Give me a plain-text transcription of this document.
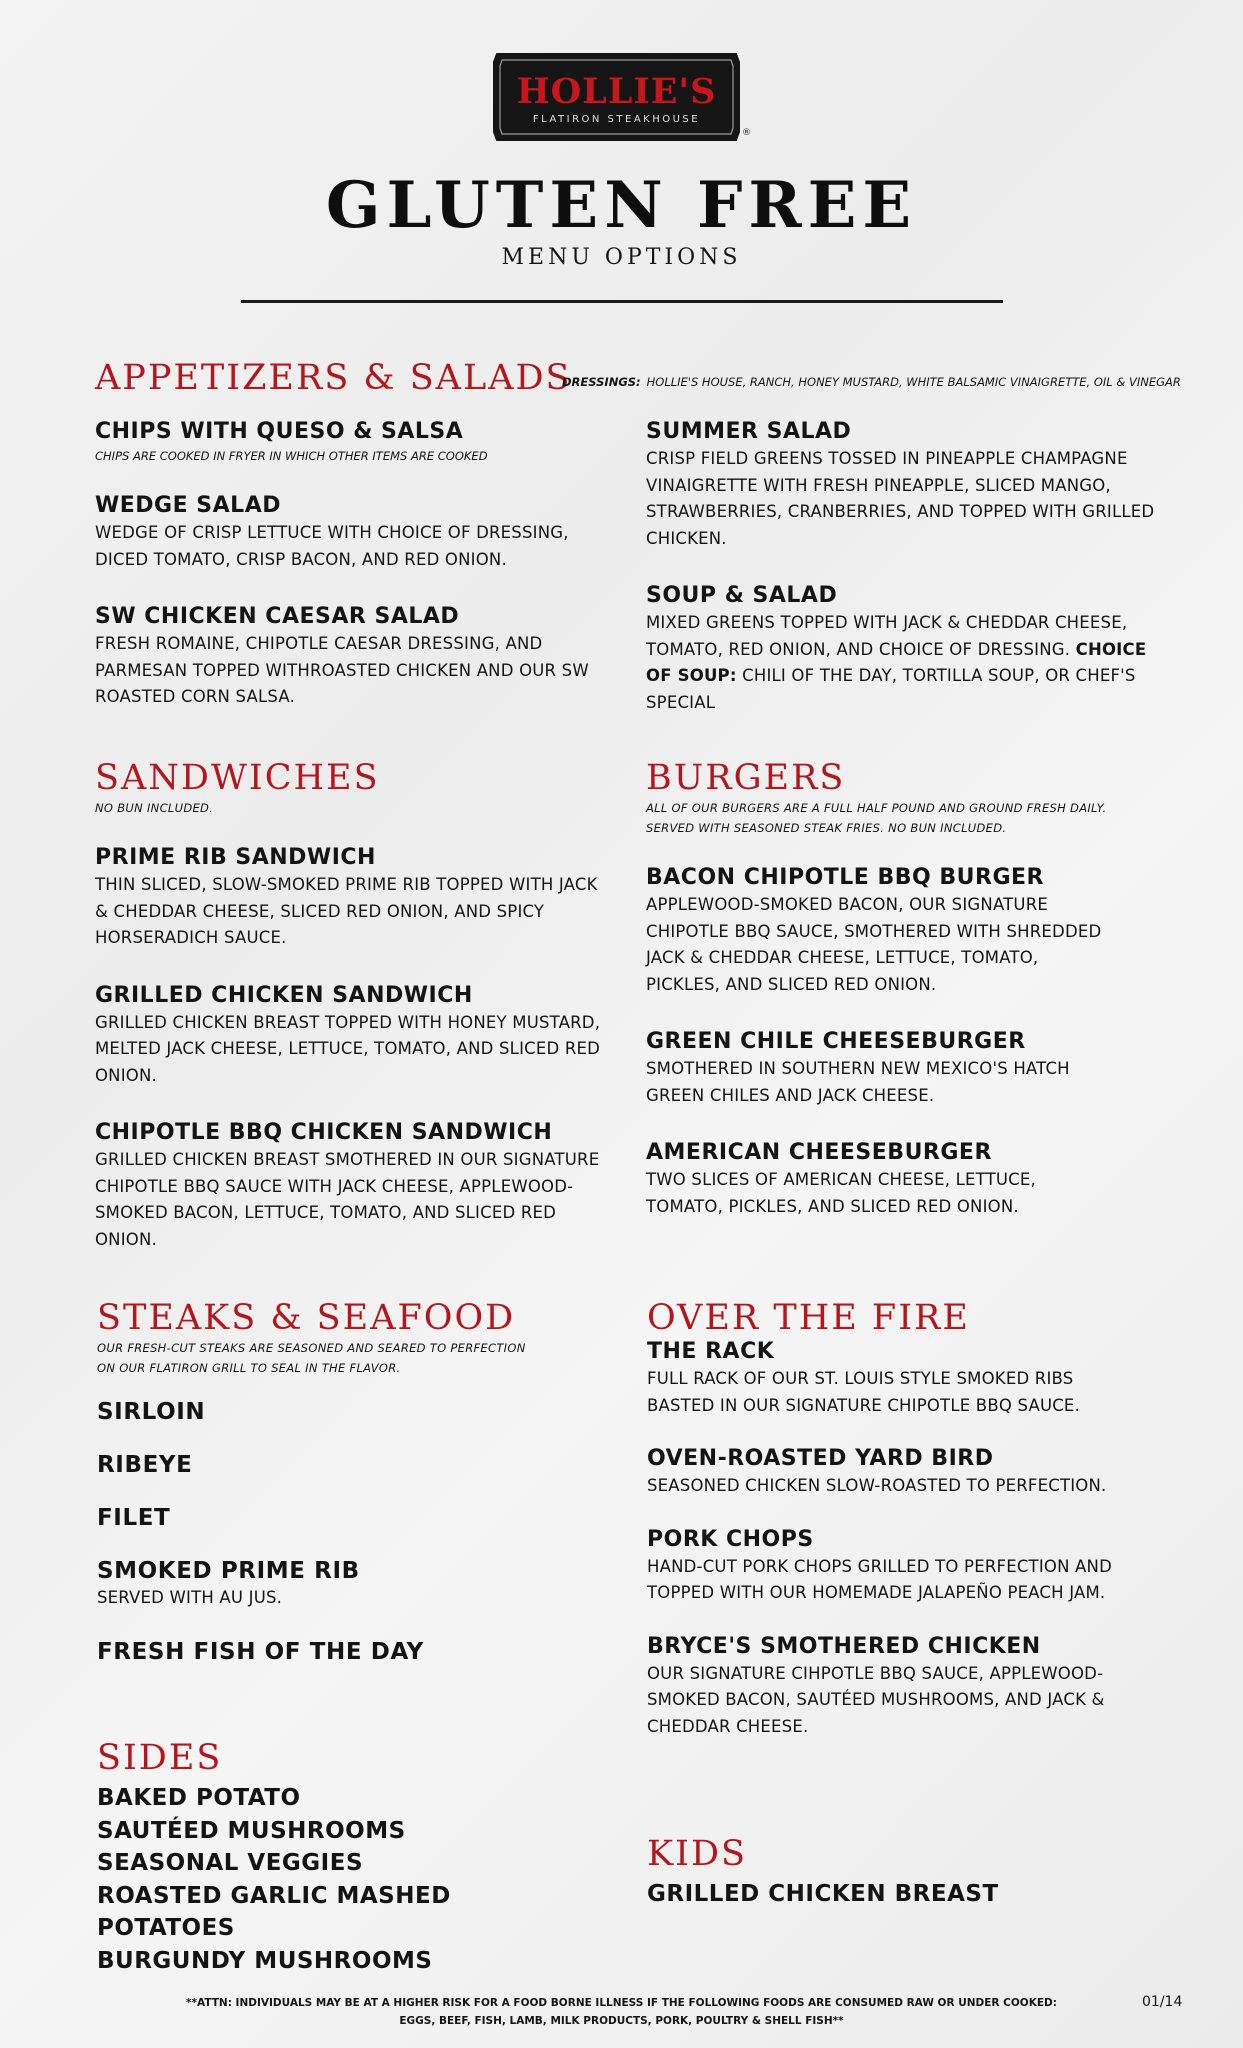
HOLLIE'S
FLATIRON STEAKHOUSE
®
GLUTEN FREE
MENU OPTIONS
APPETIZERS & SALADS
DRESSINGS: HOLLIE'S HOUSE, RANCH, HONEY MUSTARD, WHITE BALSAMIC VINAIGRETTE, OIL & VINEGAR
CHIPS WITH QUESO & SALSA
CHIPS ARE COOKED IN FRYER IN WHICH OTHER ITEMS ARE COOKED
WEDGE SALAD
WEDGE OF CRISP LETTUCE WITH CHOICE OF DRESSING, DICED TOMATO, CRISP BACON, AND RED ONION.
SW CHICKEN CAESAR SALAD
FRESH ROMAINE, CHIPOTLE CAESAR DRESSING, AND PARMESAN TOPPED WITHROASTED CHICKEN AND OUR SW ROASTED CORN SALSA.
SUMMER SALAD
CRISP FIELD GREENS TOSSED IN PINEAPPLE CHAMPAGNE VINAIGRETTE WITH FRESH PINEAPPLE, SLICED MANGO, STRAWBERRIES, CRANBERRIES, AND TOPPED WITH GRILLED CHICKEN.
SOUP & SALAD
MIXED GREENS TOPPED WITH JACK & CHEDDAR CHEESE, TOMATO, RED ONION, AND CHOICE OF DRESSING. CHOICE OF SOUP: CHILI OF THE DAY, TORTILLA SOUP, OR CHEF'S SPECIAL
SANDWICHES
NO BUN INCLUDED.
PRIME RIB SANDWICH
THIN SLICED, SLOW-SMOKED PRIME RIB TOPPED WITH JACK & CHEDDAR CHEESE, SLICED RED ONION, AND SPICY HORSERADICH SAUCE.
GRILLED CHICKEN SANDWICH
GRILLED CHICKEN BREAST TOPPED WITH HONEY MUSTARD, MELTED JACK CHEESE, LETTUCE, TOMATO, AND SLICED RED ONION.
CHIPOTLE BBQ CHICKEN SANDWICH
GRILLED CHICKEN BREAST SMOTHERED IN OUR SIGNATURE CHIPOTLE BBQ SAUCE WITH JACK CHEESE, APPLEWOOD-SMOKED BACON, LETTUCE, TOMATO, AND SLICED RED ONION.
BURGERS
ALL OF OUR BURGERS ARE A FULL HALF POUND AND GROUND FRESH DAILY. SERVED WITH SEASONED STEAK FRIES. NO BUN INCLUDED.
BACON CHIPOTLE BBQ BURGER
APPLEWOOD-SMOKED BACON, OUR SIGNATURE CHIPOTLE BBQ SAUCE, SMOTHERED WITH SHREDDED JACK & CHEDDAR CHEESE, LETTUCE, TOMATO, PICKLES, AND SLICED RED ONION.
GREEN CHILE CHEESEBURGER
SMOTHERED IN SOUTHERN NEW MEXICO'S HATCH GREEN CHILES AND JACK CHEESE.
AMERICAN CHEESEBURGER
TWO SLICES OF AMERICAN CHEESE, LETTUCE, TOMATO, PICKLES, AND SLICED RED ONION.
STEAKS & SEAFOOD
OUR FRESH-CUT STEAKS ARE SEASONED AND SEARED TO PERFECTION ON OUR FLATIRON GRILL TO SEAL IN THE FLAVOR.
SIRLOIN
RIBEYE
FILET
SMOKED PRIME RIB
SERVED WITH AU JUS.
FRESH FISH OF THE DAY
OVER THE FIRE
THE RACK
FULL RACK OF OUR ST. LOUIS STYLE SMOKED RIBS BASTED IN OUR SIGNATURE CHIPOTLE BBQ SAUCE.
OVEN-ROASTED YARD BIRD
SEASONED CHICKEN SLOW-ROASTED TO PERFECTION.
PORK CHOPS
HAND-CUT PORK CHOPS GRILLED TO PERFECTION AND TOPPED WITH OUR HOMEMADE JALAPEÑO PEACH JAM.
BRYCE'S SMOTHERED CHICKEN
OUR SIGNATURE CIHPOTLE BBQ SAUCE, APPLEWOOD-SMOKED BACON, SAUTÉED MUSHROOMS, AND JACK & CHEDDAR CHEESE.
SIDES
BAKED POTATO
SAUTÉED MUSHROOMS
SEASONAL VEGGIES
ROASTED GARLIC MASHED POTATOES
BURGUNDY MUSHROOMS
KIDS
GRILLED CHICKEN BREAST
**ATTN: INDIVIDUALS MAY BE AT A HIGHER RISK FOR A FOOD BORNE ILLNESS IF THE FOLLOWING FOODS ARE CONSUMED RAW OR UNDER COOKED:
EGGS, BEEF, FISH, LAMB, MILK PRODUCTS, PORK, POULTRY & SHELL FISH**
01/14
